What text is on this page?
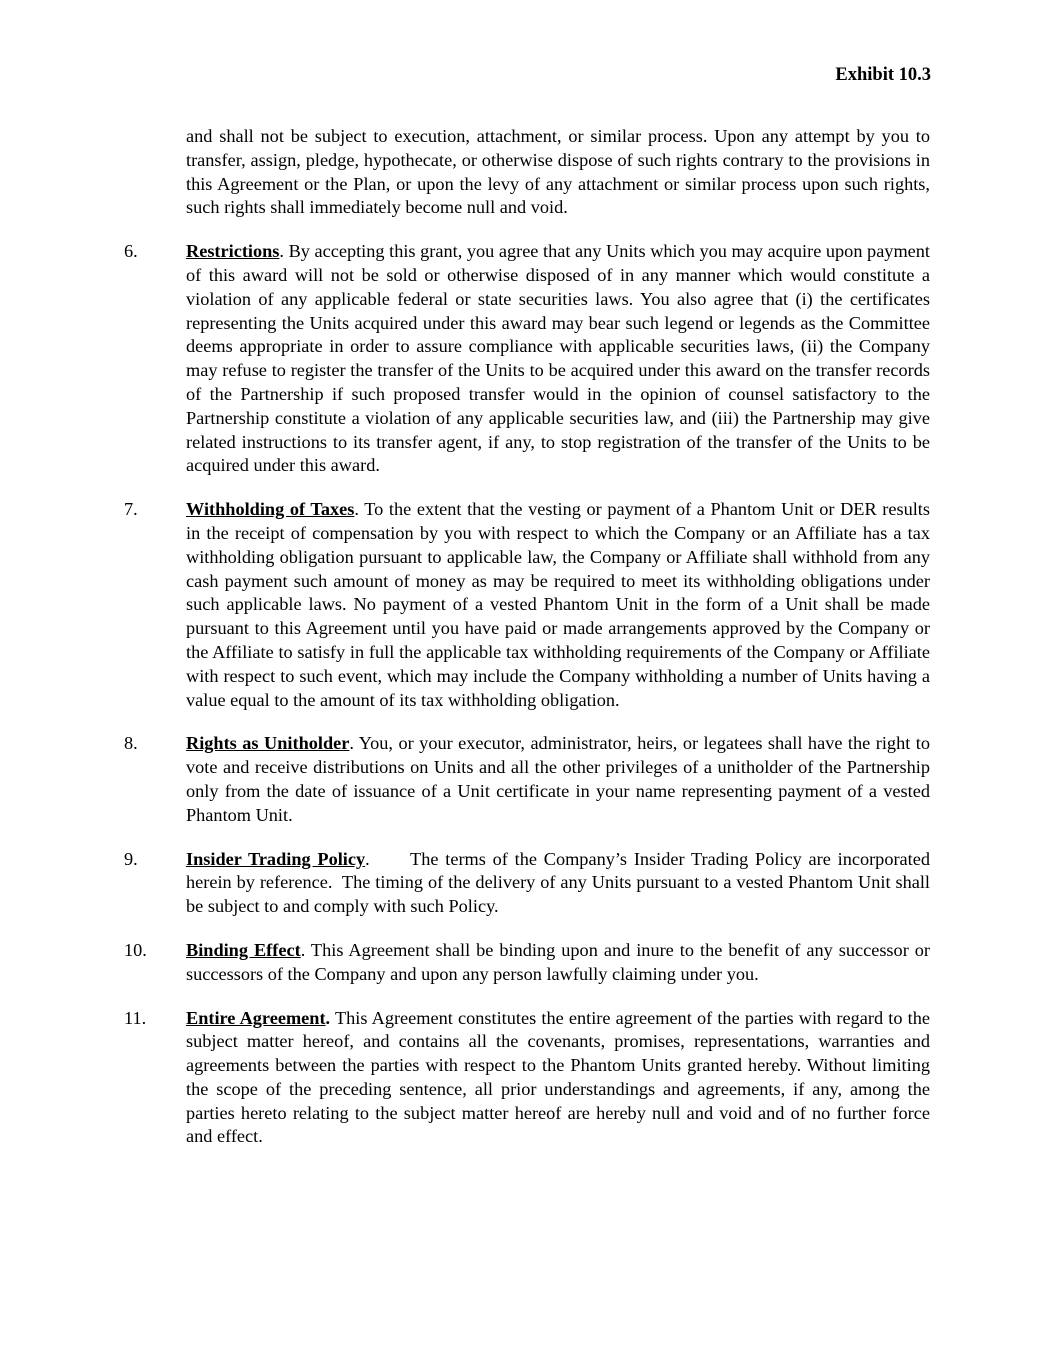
Exhibit 10.3

and shall not be subject to execution, attachment, or similar process. Upon any attempt by you to transfer, assign, pledge, hypothecate, or otherwise dispose of such rights contrary to the provisions in this Agreement or the Plan, or upon the levy of any attachment or similar process upon such rights, such rights shall immediately become null and void.

6.	Restrictions. By accepting this grant, you agree that any Units which you may acquire upon payment of this award will not be sold or otherwise disposed of in any manner which would constitute a violation of any applicable federal or state securities laws. You also agree that (i) the certificates representing the Units acquired under this award may bear such legend or legends as the Committee deems appropriate in order to assure compliance with applicable securities laws, (ii) the Company may refuse to register the transfer of the Units to be acquired under this award on the transfer records of the Partnership if such proposed transfer would in the opinion of counsel satisfactory to the Partnership constitute a violation of any applicable securities law, and (iii) the Partnership may give related instructions to its transfer agent, if any, to stop registration of the transfer of the Units to be acquired under this award.
7.	Withholding of Taxes. To the extent that the vesting or payment of a Phantom Unit or DER results in the receipt of compensation by you with respect to which the Company or an Affiliate has a tax withholding obligation pursuant to applicable law, the Company or Affiliate shall withhold from any cash payment such amount of money as may be required to meet its withholding obligations under such applicable laws. No payment of a vested Phantom Unit in the form of a Unit shall be made pursuant to this Agreement until you have paid or made arrangements approved by the Company or the Affiliate to satisfy in full the applicable tax withholding requirements of the Company or Affiliate with respect to such event, which may include the Company withholding a number of Units having a value equal to the amount of its tax withholding obligation.
8.	Rights as Unitholder. You, or your executor, administrator, heirs, or legatees shall have the right to vote and receive distributions on Units and all the other privileges of a unitholder of the Partnership only from the date of issuance of a Unit certificate in your name representing payment of a vested Phantom Unit.
9.	Insider Trading Policy.      The terms of the Company’s Insider Trading Policy are incorporated herein by reference.  The timing of the delivery of any Units pursuant to a vested Phantom Unit shall be subject to and comply with such Policy.
10.	Binding Effect. This Agreement shall be binding upon and inure to the benefit of any successor or successors of the Company and upon any person lawfully claiming under you.
11.	Entire Agreement. This Agreement constitutes the entire agreement of the parties with regard to the subject matter hereof, and contains all the covenants, promises, representations, warranties and agreements between the parties with respect to the Phantom Units granted hereby. Without limiting the scope of the preceding sentence, all prior understandings and agreements, if any, among the parties hereto relating to the subject matter hereof are hereby null and void and of no further force and effect.
